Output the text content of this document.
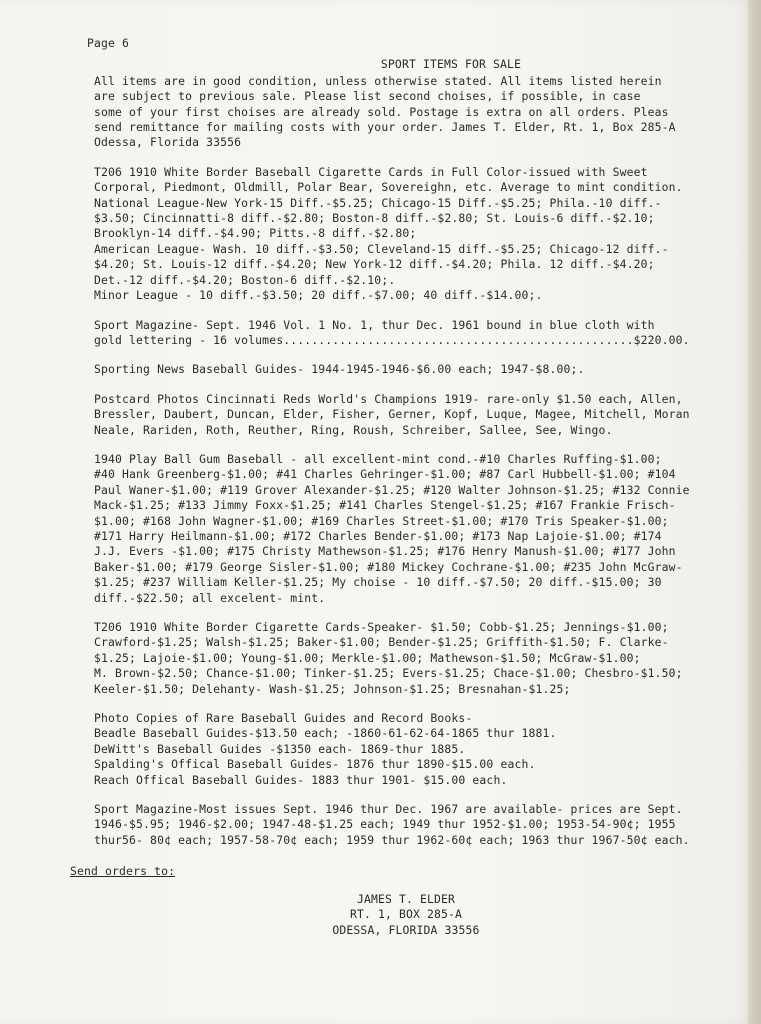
Page 6
SPORT ITEMS FOR SALE
All items are in good condition, unless otherwise stated. All items listed herein
are subject to previous sale. Please list second choises, if possible, in case
some of your first choises are already sold. Postage is extra on all orders. Pleas
send remittance for mailing costs with your order. James T. Elder, Rt. 1, Box 285-A
Odessa, Florida 33556
T206 1910 White Border Baseball Cigarette Cards in Full Color-issued with Sweet
Corporal, Piedmont, Oldmill, Polar Bear, Sovereighn, etc. Average to mint condition.
National League-New York-15 Diff.-$5.25; Chicago-15 Diff.-$5.25; Phila.-10 diff.-
$3.50; Cincinnatti-8 diff.-$2.80; Boston-8 diff.-$2.80; St. Louis-6 diff.-$2.10;
Brooklyn-14 diff.-$4.90; Pitts.-8 diff.-$2.80;
American League- Wash. 10 diff.-$3.50; Cleveland-15 diff.-$5.25; Chicago-12 diff.-
$4.20; St. Louis-12 diff.-$4.20; New York-12 diff.-$4.20; Phila. 12 diff.-$4.20;
Det.-12 diff.-$4.20; Boston-6 diff.-$2.10;.
Minor League - 10 diff.-$3.50; 20 diff.-$7.00; 40 diff.-$14.00;.
Sport Magazine- Sept. 1946 Vol. 1 No. 1, thur Dec. 1961 bound in blue cloth with
gold lettering - 16 volumes..................................................$220.00.
Sporting News Baseball Guides- 1944-1945-1946-$6.00 each; 1947-$8.00;.
Postcard Photos Cincinnati Reds World's Champions 1919- rare-only $1.50 each, Allen,
Bressler, Daubert, Duncan, Elder, Fisher, Gerner, Kopf, Luque, Magee, Mitchell, Moran
Neale, Rariden, Roth, Reuther, Ring, Roush, Schreiber, Sallee, See, Wingo.
1940 Play Ball Gum Baseball - all excellent-mint cond.-#10 Charles Ruffing-$1.00;
#40 Hank Greenberg-$1.00; #41 Charles Gehringer-$1.00; #87 Carl Hubbell-$1.00; #104
Paul Waner-$1.00; #119 Grover Alexander-$1.25; #120 Walter Johnson-$1.25; #132 Connie
Mack-$1.25; #133 Jimmy Foxx-$1.25; #141 Charles Stengel-$1.25; #167 Frankie Frisch-
$1.00; #168 John Wagner-$1.00; #169 Charles Street-$1.00; #170 Tris Speaker-$1.00;
#171 Harry Heilmann-$1.00; #172 Charles Bender-$1.00; #173 Nap Lajoie-$1.00; #174
J.J. Evers -$1.00; #175 Christy Mathewson-$1.25; #176 Henry Manush-$1.00; #177 John
Baker-$1.00; #179 George Sisler-$1.00; #180 Mickey Cochrane-$1.00; #235 John McGraw-
$1.25; #237 William Keller-$1.25; My choise - 10 diff.-$7.50; 20 diff.-$15.00; 30
diff.-$22.50; all excelent- mint.
T206 1910 White Border Cigarette Cards-Speaker- $1.50; Cobb-$1.25; Jennings-$1.00;
Crawford-$1.25; Walsh-$1.25; Baker-$1.00; Bender-$1.25; Griffith-$1.50; F. Clarke-
$1.25; Lajoie-$1.00; Young-$1.00; Merkle-$1.00; Mathewson-$1.50; McGraw-$1.00;
M. Brown-$2.50; Chance-$1.00; Tinker-$1.25; Evers-$1.25; Chace-$1.00; Chesbro-$1.50;
Keeler-$1.50; Delehanty- Wash-$1.25; Johnson-$1.25; Bresnahan-$1.25;
Photo Copies of Rare Baseball Guides and Record Books-
Beadle Baseball Guides-$13.50 each; -1860-61-62-64-1865 thur 1881.
DeWitt's Baseball Guides -$1350 each- 1869-thur 1885.
Spalding's Offical Baseball Guides- 1876 thur 1890-$15.00 each.
Reach Offical Baseball Guides- 1883 thur 1901- $15.00 each.
Sport Magazine-Most issues Sept. 1946 thur Dec. 1967 are available- prices are Sept.
1946-$5.95; 1946-$2.00; 1947-48-$1.25 each; 1949 thur 1952-$1.00; 1953-54-90¢; 1955
thur56- 80¢ each; 1957-58-70¢ each; 1959 thur 1962-60¢ each; 1963 thur 1967-50¢ each.
Send orders to:
JAMES T. ELDER
RT. 1, BOX 285-A
ODESSA, FLORIDA 33556
